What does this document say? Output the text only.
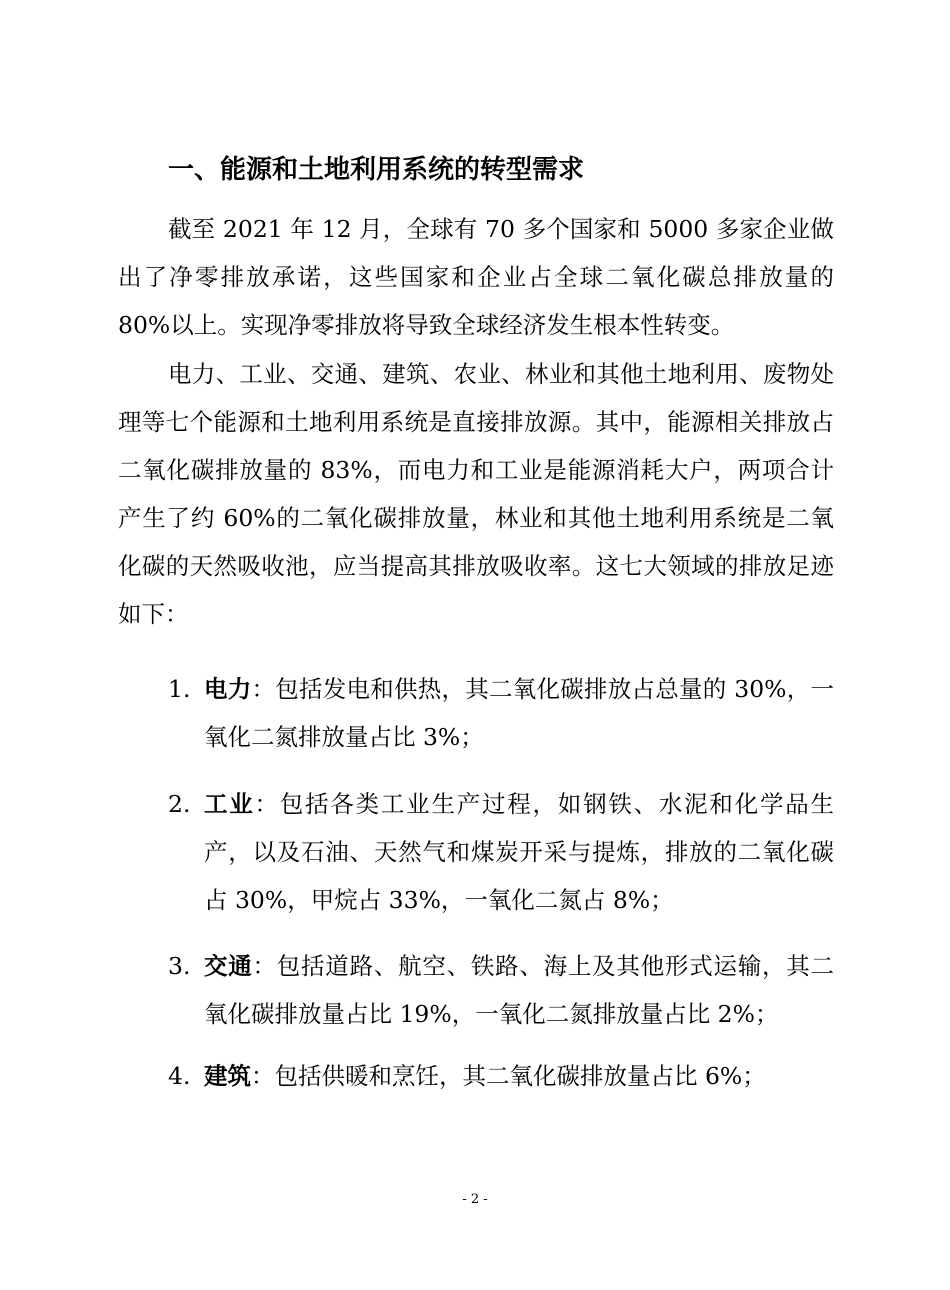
一、能源和土地利用系统的转型需求

截至 2021 年 12 月，全球有 70 多个国家和 5000 多家企业做出了净零排放承诺，这些国家和企业占全球二氧化碳总排放量的 80%以上。实现净零排放将导致全球经济发生根本性转变。

电力、工业、交通、建筑、农业、林业和其他土地利用、废物处理等七个能源和土地利用系统是直接排放源。其中，能源相关排放占二氧化碳排放量的 83%，而电力和工业是能源消耗大户，两项合计产生了约 60%的二氧化碳排放量，林业和其他土地利用系统是二氧化碳的天然吸收池，应当提高其排放吸收率。这七大领域的排放足迹如下：

1. 电力：包括发电和供热，其二氧化碳排放占总量的 30%，一氧化二氮排放量占比 3%；
2. 工业：包括各类工业生产过程，如钢铁、水泥和化学品生产，以及石油、天然气和煤炭开采与提炼，排放的二氧化碳占 30%，甲烷占 33%，一氧化二氮占 8%；
3. 交通：包括道路、航空、铁路、海上及其他形式运输，其二氧化碳排放量占比 19%，一氧化二氮排放量占比 2%；
4. 建筑：包括供暖和烹饪，其二氧化碳排放量占比 6%；
- 2 -
